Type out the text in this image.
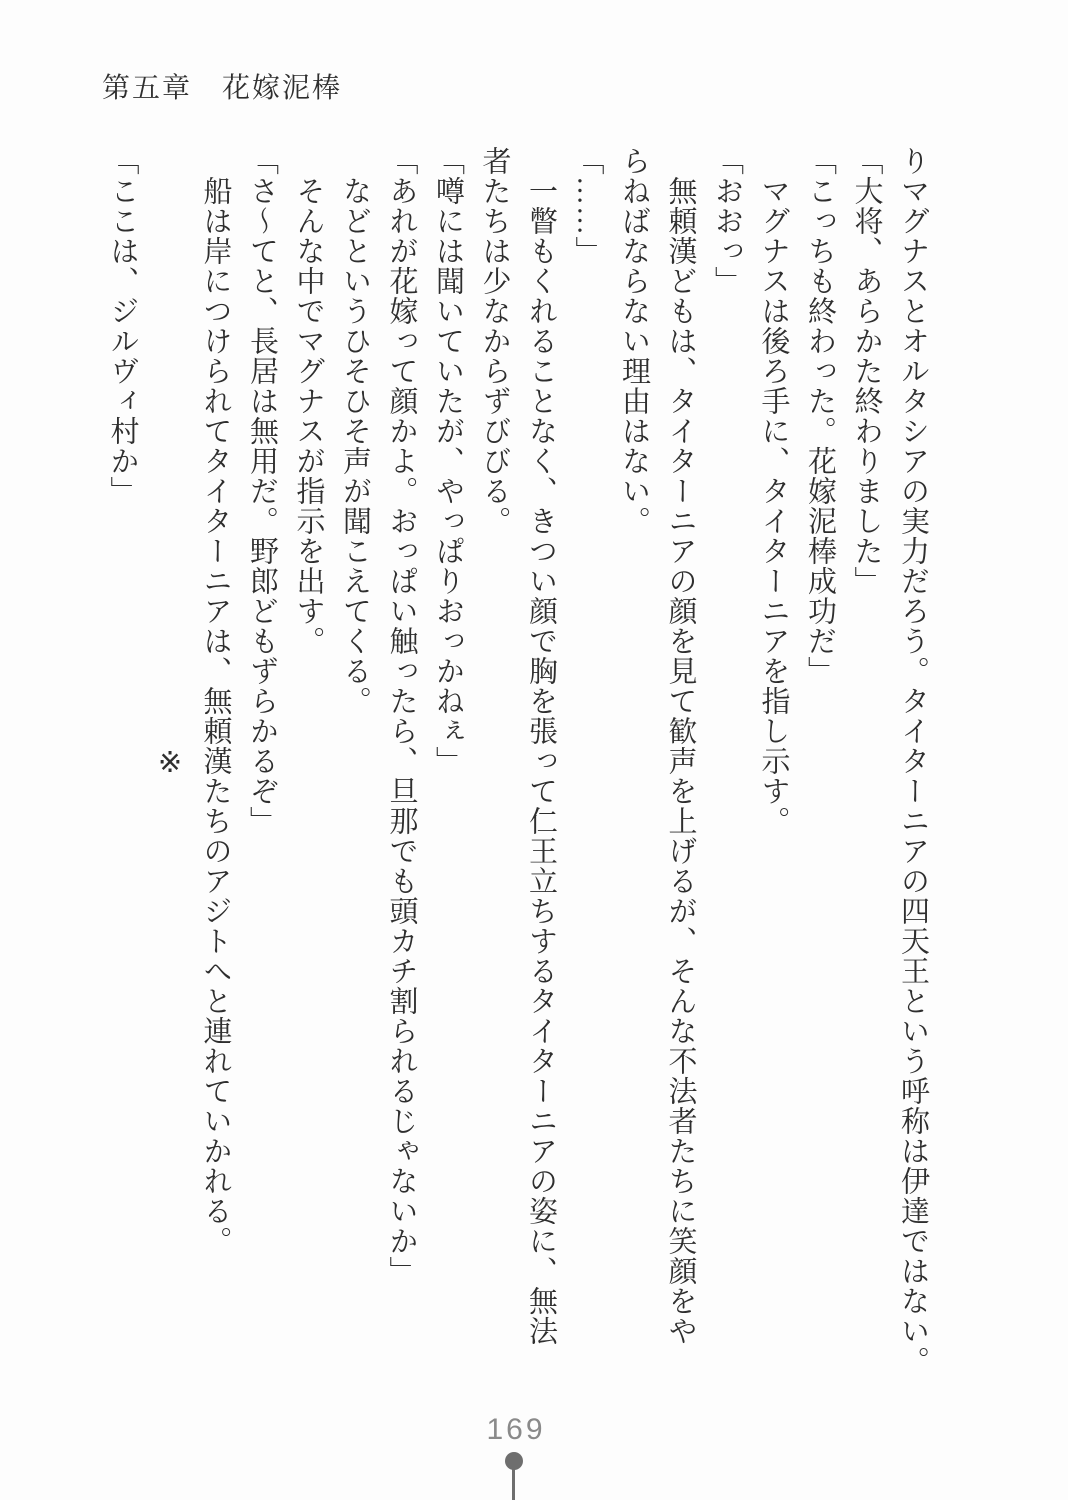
第五章　花嫁泥棒
りマグナスとオルタシアの実力だろう。タイターニアの四天王という呼称は伊達ではない。
「大将、あらかた終わりました」
「こっちも終わった。花嫁泥棒成功だ」
マグナスは後ろ手に、タイターニアを指し示す。
「おおっ」
無頼漢どもは、タイターニアの顔を見て歓声を上げるが、そんな不法者たちに笑顔をや
らねばならない理由はない。
「……」
一瞥もくれることなく、きつい顔で胸を張って仁王立ちするタイターニアの姿に、無法
者たちは少なからずびびる。
「噂には聞いていたが、やっぱりおっかねぇ」
「あれが花嫁って顔かよ。おっぱい触ったら、旦那でも頭カチ割られるじゃないか」
などというひそひそ声が聞こえてくる。
そんな中でマグナスが指示を出す。
「さ〜てと、長居は無用だ。野郎どもずらかるぞ」
船は岸につけられてタイターニアは、無頼漢たちのアジトへと連れていかれる。
※
「ここは、ジルヴィ村か」
169
